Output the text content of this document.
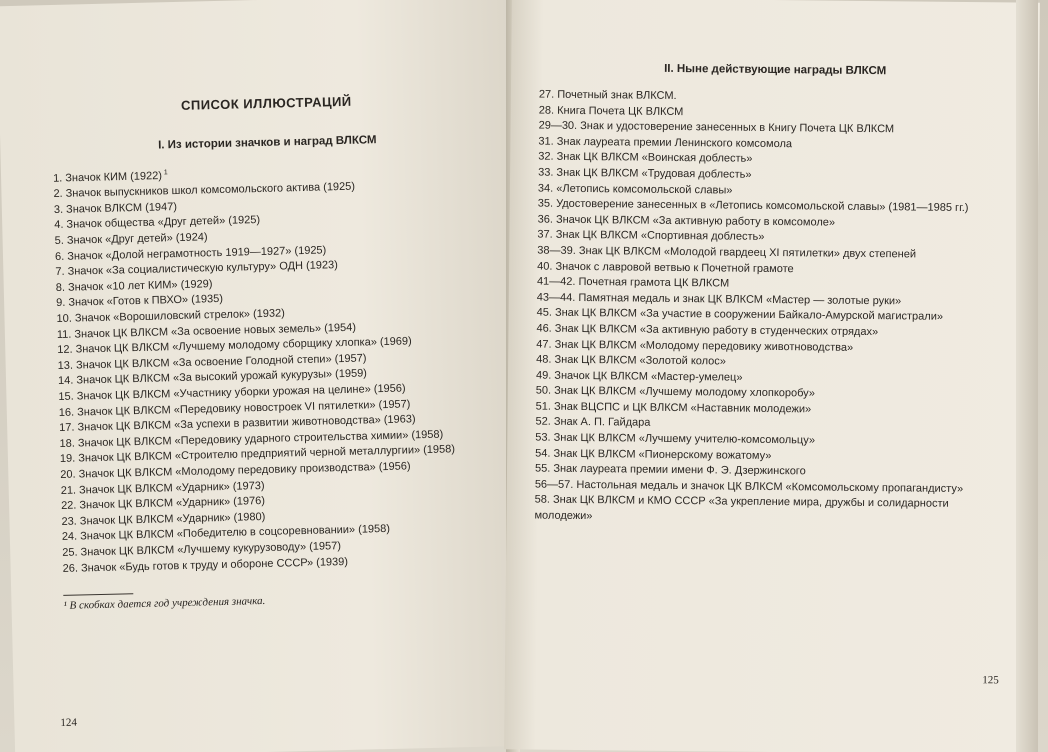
СПИСОК ИЛЛЮСТРАЦИЙ
I. Из истории значков и наград ВЛКСМ
1. Значок КИМ (1922) $^1$
2. Значок выпускников школ комсомольского актива (1925)
3. Значок ВЛКСМ (1947)
4. Значок общества «Друг детей» (1925)
5. Значок «Друг детей» (1924)
6. Значок «Долой неграмотность 1919—1927» (1925)
7. Значок «За социалистическую культуру» ОДН (1923)
8. Значок «10 лет КИМ» (1929)
9. Значок «Готов к ПВХО» (1935)
10. Значок «Ворошиловский стрелок» (1932)
11. Значок ЦК ВЛКСМ «За освоение новых земель» (1954)
12. Значок ЦК ВЛКСМ «Лучшему молодому сборщику хлопка» (1969)
13. Значок ЦК ВЛКСМ «За освоение Голодной степи» (1957)
14. Значок ЦК ВЛКСМ «За высокий урожай кукурузы» (1959)
15. Значок ЦК ВЛКСМ «Участнику уборки урожая на целине» (1956)
16. Значок ЦК ВЛКСМ «Передовику новостроек VI пятилетки» (1957)
17. Значок ЦК ВЛКСМ «За успехи в развитии животноводства» (1963)
18. Значок ЦК ВЛКСМ «Передовику ударного строительства химии» (1958)
19. Значок ЦК ВЛКСМ «Строителю предприятий черной металлургии» (1958)
20. Значок ЦК ВЛКСМ «Молодому передовику производства» (1956)
21. Значок ЦК ВЛКСМ «Ударник» (1973)
22. Значок ЦК ВЛКСМ «Ударник» (1976)
23. Значок ЦК ВЛКСМ «Ударник» (1980)
24. Значок ЦК ВЛКСМ «Победителю в соцсоревновании» (1958)
25. Значок ЦК ВЛКСМ «Лучшему кукурузоводу» (1957)
26. Значок «Будь готов к труду и обороне СССР» (1939)
¹ В скобках дается год учреждения значка.
124
II. Ныне действующие награды ВЛКСМ
27. Почетный знак ВЛКСМ.
28. Книга Почета ЦК ВЛКСМ
29—30. Знак и удостоверение занесенных в Книгу Почета ЦК ВЛКСМ
31. Знак лауреата премии Ленинского комсомола
32. Знак ЦК ВЛКСМ «Воинская доблесть»
33. Знак ЦК ВЛКСМ «Трудовая доблесть»
34. «Летопись комсомольской славы»
35. Удостоверение занесенных в «Летопись комсомольской славы» (1981—1985 гг.)
36. Значок ЦК ВЛКСМ «За активную работу в комсомоле»
37. Знак ЦК ВЛКСМ «Спортивная доблесть»
38—39. Знак ЦК ВЛКСМ «Молодой гвардеец XI пятилетки» двух степеней
40. Значок с лавровой ветвью к Почетной грамоте
41—42. Почетная грамота ЦК ВЛКСМ
43—44. Памятная медаль и знак ЦК ВЛКСМ «Мастер — золотые руки»
45. Знак ЦК ВЛКСМ «За участие в сооружении Байкало-Амурской магистрали»
46. Знак ЦК ВЛКСМ «За активную работу в студенческих отрядах»
47. Знак ЦК ВЛКСМ «Молодому передовику животноводства»
48. Знак ЦК ВЛКСМ «Золотой колос»
49. Значок ЦК ВЛКСМ «Мастер-умелец»
50. Знак ЦК ВЛКСМ «Лучшему молодому хлопкоробу»
51. Знак ВЦСПС и ЦК ВЛКСМ «Наставник молодежи»
52. Знак А. П. Гайдара
53. Знак ЦК ВЛКСМ «Лучшему учителю-комсомольцу»
54. Знак ЦК ВЛКСМ «Пионерскому вожатому»
55. Знак лауреата премии имени Ф. Э. Дзержинского
56—57. Настольная медаль и значок ЦК ВЛКСМ «Комсомольскому пропагандисту»
58. Знак ЦК ВЛКСМ и КМО СССР «За укрепление мира, дружбы и солидарности молодежи»
125
